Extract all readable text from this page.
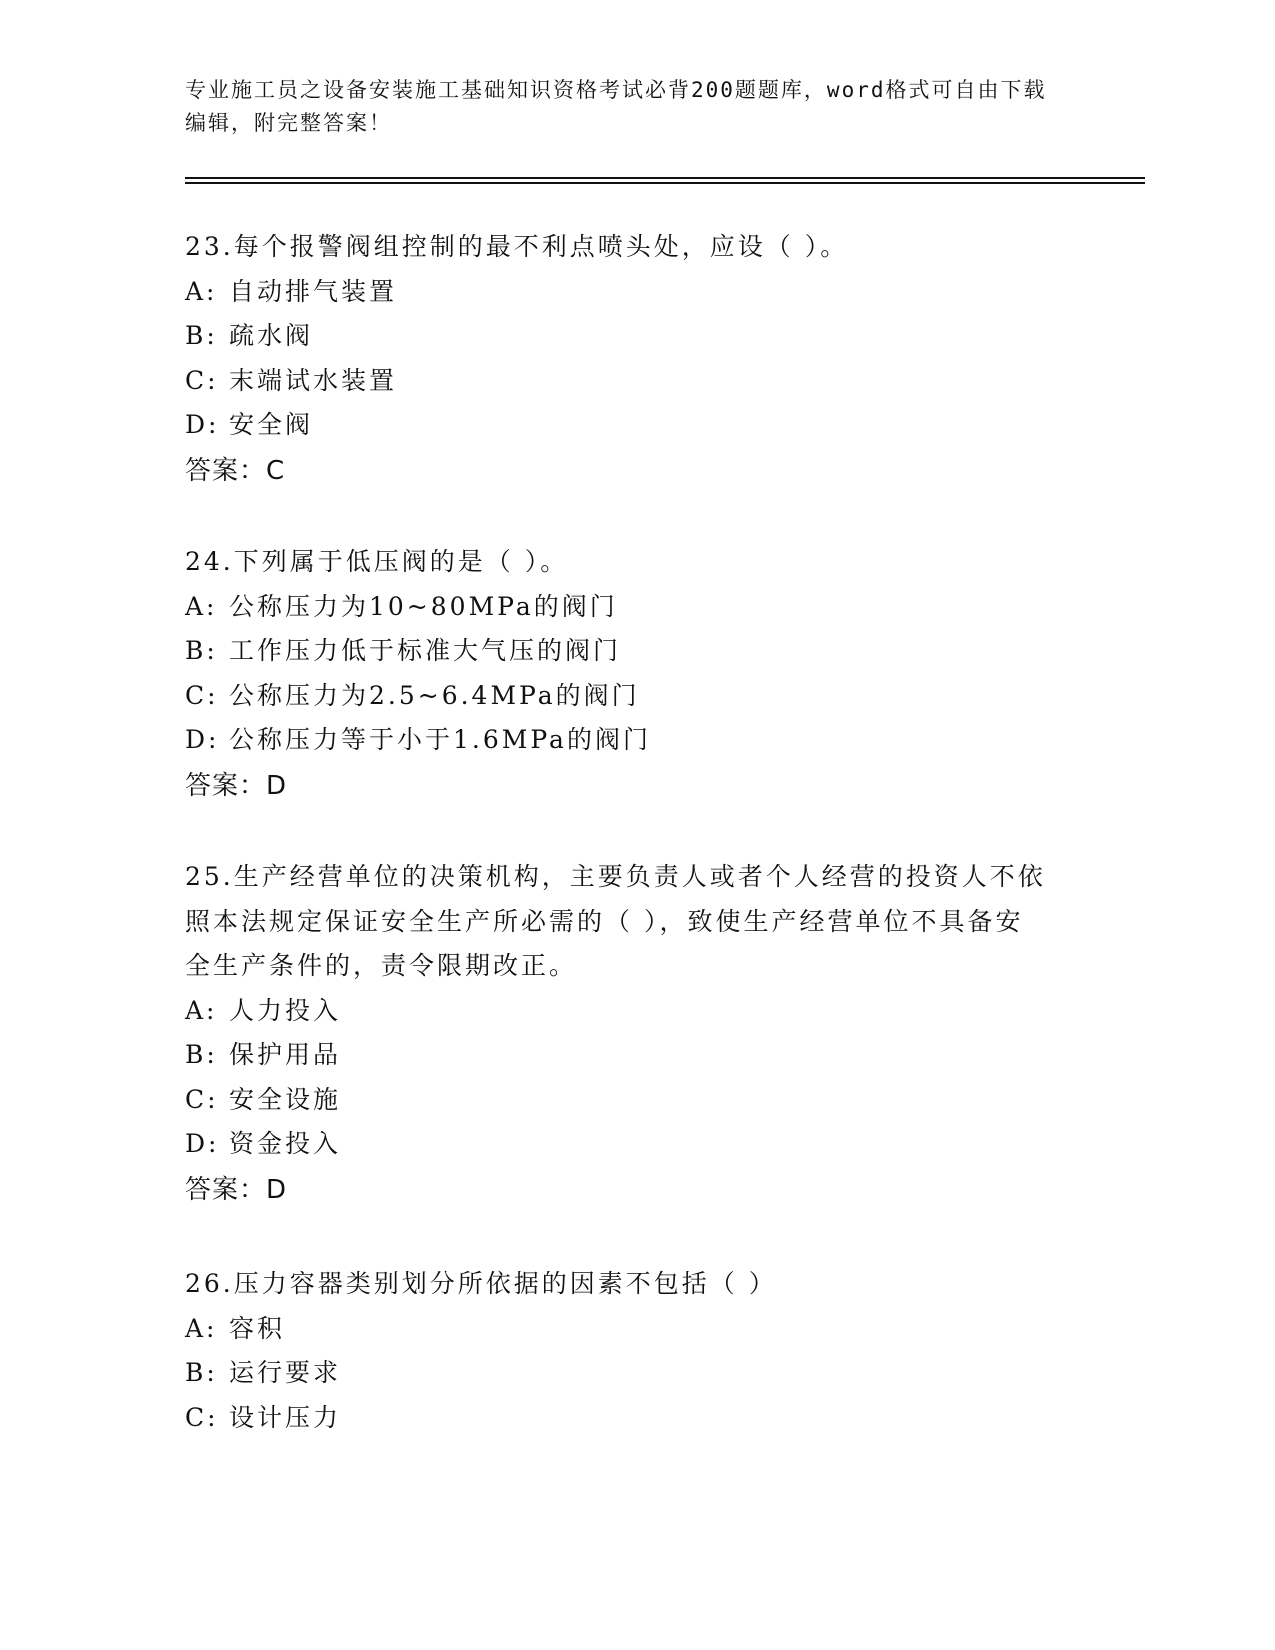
专业施工员之设备安装施工基础知识资格考试必背200题题库，word格式可自由下载编辑，附完整答案！
23.每个报警阀组控制的最不利点喷头处，应设（ ）。
A: 自动排气装置
B: 疏水阀
C: 末端试水装置
D: 安全阀
答案：C
24.下列属于低压阀的是（ ）。
A: 公称压力为10~80MPa的阀门
B: 工作压力低于标准大气压的阀门
C: 公称压力为2.5~6.4MPa的阀门
D: 公称压力等于小于1.6MPa的阀门
答案：D
25.生产经营单位的决策机构，主要负责人或者个人经营的投资人不依
照本法规定保证安全生产所必需的（ ），致使生产经营单位不具备安
全生产条件的，责令限期改正。
A: 人力投入
B: 保护用品
C: 安全设施
D: 资金投入
答案：D
26.压力容器类别划分所依据的因素不包括（ ）
A: 容积
B: 运行要求
C: 设计压力
